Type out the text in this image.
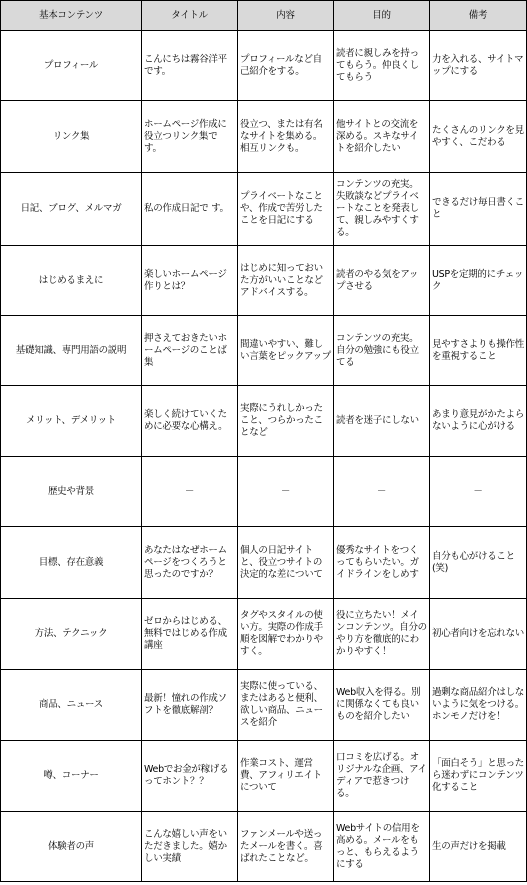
基本コンテンツ	タイトル	内容	目的	備考
プロフィール	こんにちは霧谷洋平です。	プロフィールなど自己紹介をする。	読者に親しみを持ってもらう。仲良くしてもらう	力を入れる、サイトマップにする
リンク集	ホームページ作成に役立つリンク集です。	役立つ、または有名なサイトを集める。相互リンクも。	他サイトとの交流を深める。スキなサイトを紹介したい	たくさんのリンクを見やすく、こだわる
日記、ブログ、メルマガ	私の作成日記で す。	プライベートなことや、作成で苦労したことを日記にする	コンテンツの充実。失敗談などプライベートなことを発表して、親しみやすくする。	できるだけ毎日書くこと
はじめるまえに	楽しいホームページ作りとは？	はじめに知っておいた方がいいことなどアドバイスする。	読者のやる気をアップさせる	USPを定期的にチェック
基礎知識、専門用語の説明	押さえておきたいホームページのことば集	間違いやすい、難しい言葉をピックアップ	コンテンツの充実。自分の勉強にも役立てる	見やすさよりも操作性を重視すること
メリット、デメリット	楽しく続けていくために必要な心構え。	実際にうれしかったこと、つらかったことなど	読者を迷子にしない	あまり意見がかたよらないように心がける
歴史や背景	－	－	－	－
目標、存在意義	あなたはなぜホームページをつくろうと思ったのですか？	個人の日記サイトと、役立つサイトの決定的な差について	優秀なサイトをつくってもらいたい。ガイドラインをしめす	自分も心がけること(笑)
方法、テクニック	ゼロからはじめる、無料ではじめる作成講座	タグやスタイルの使い方。実際の作成手順を図解でわかりやすく。	役に立ちたい！メインコンテンツ。自分のやり方を徹底的にわかりやすく！	初心者向けを忘れない
商品、ニュース	最新！憧れの作成ソフトを徹底解剖？	実際に使っている、またはあると便利、欲しい商品、ニュースを紹介	Web収入を得る。別に関係なくても良いものを紹介したい	過剰な商品紹介はしないように気をつける。ホンモノだけを！
噂、コーナー	Webでお金が稼げるってホント？？	作業コスト、運営費、アフィリエイトについて	口コミを広げる。オリジナルな企画、アイディアで惹きつける。	「面白そう」と思ったら迷わずにコンテンツ化すること
体験者の声	こんな嬉しい声をいただきました。嬉かしい実績	ファンメールや送ったメールを書く。喜ばれたことなど。	Webサイトの信用を高める。メールをもっと、もらえるようにする	生の声だけを掲載
